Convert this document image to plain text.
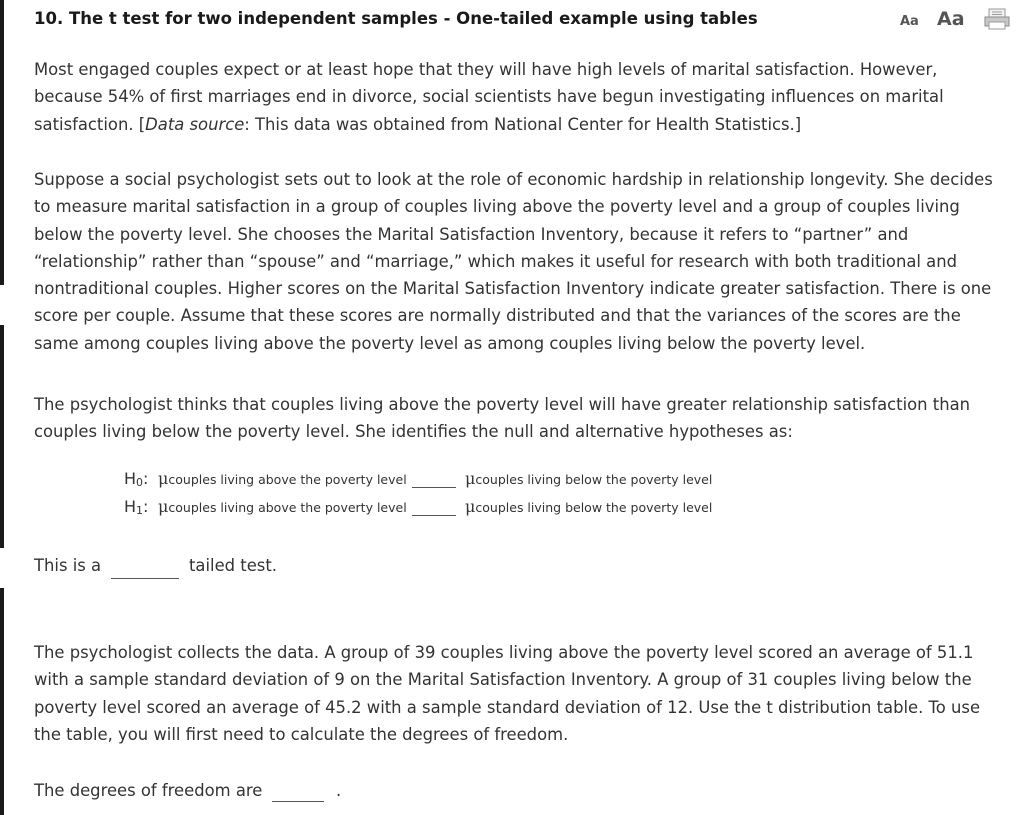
10. The t test for two independent samples - One-tailed example using tables	Aa Aa

Most engaged couples expect or at least hope that they will have high levels of marital satisfaction. However, because 54% of first marriages end in divorce, social scientists have begun investigating influences on marital satisfaction. [Data source: This data was obtained from National Center for Health Statistics.]

Suppose a social psychologist sets out to look at the role of economic hardship in relationship longevity. She decides to measure marital satisfaction in a group of couples living above the poverty level and a group of couples living below the poverty level. She chooses the Marital Satisfaction Inventory, because it refers to “partner” and “relationship” rather than “spouse” and “marriage,” which makes it useful for research with both traditional and nontraditional couples. Higher scores on the Marital Satisfaction Inventory indicate greater satisfaction. There is one score per couple. Assume that these scores are normally distributed and that the variances of the scores are the same among couples living above the poverty level as among couples living below the poverty level.

The psychologist thinks that couples living above the poverty level will have greater relationship satisfaction than couples living below the poverty level. She identifies the null and alternative hypotheses as:

$H_0$: μcouples living above the poverty level	μcouples living below the poverty level
$H_1$: μcouples living above the poverty level	μcouples living below the poverty level
This is a	tailed test.

The psychologist collects the data. A group of 39 couples living above the poverty level scored an average of 51.1 with a sample standard deviation of 9 on the Marital Satisfaction Inventory. A group of 31 couples living below the poverty level scored an average of 45.2 with a sample standard deviation of 12. Use the t distribution table. To use the table, you will first need to calculate the degrees of freedom.

The degrees of freedom are	.
